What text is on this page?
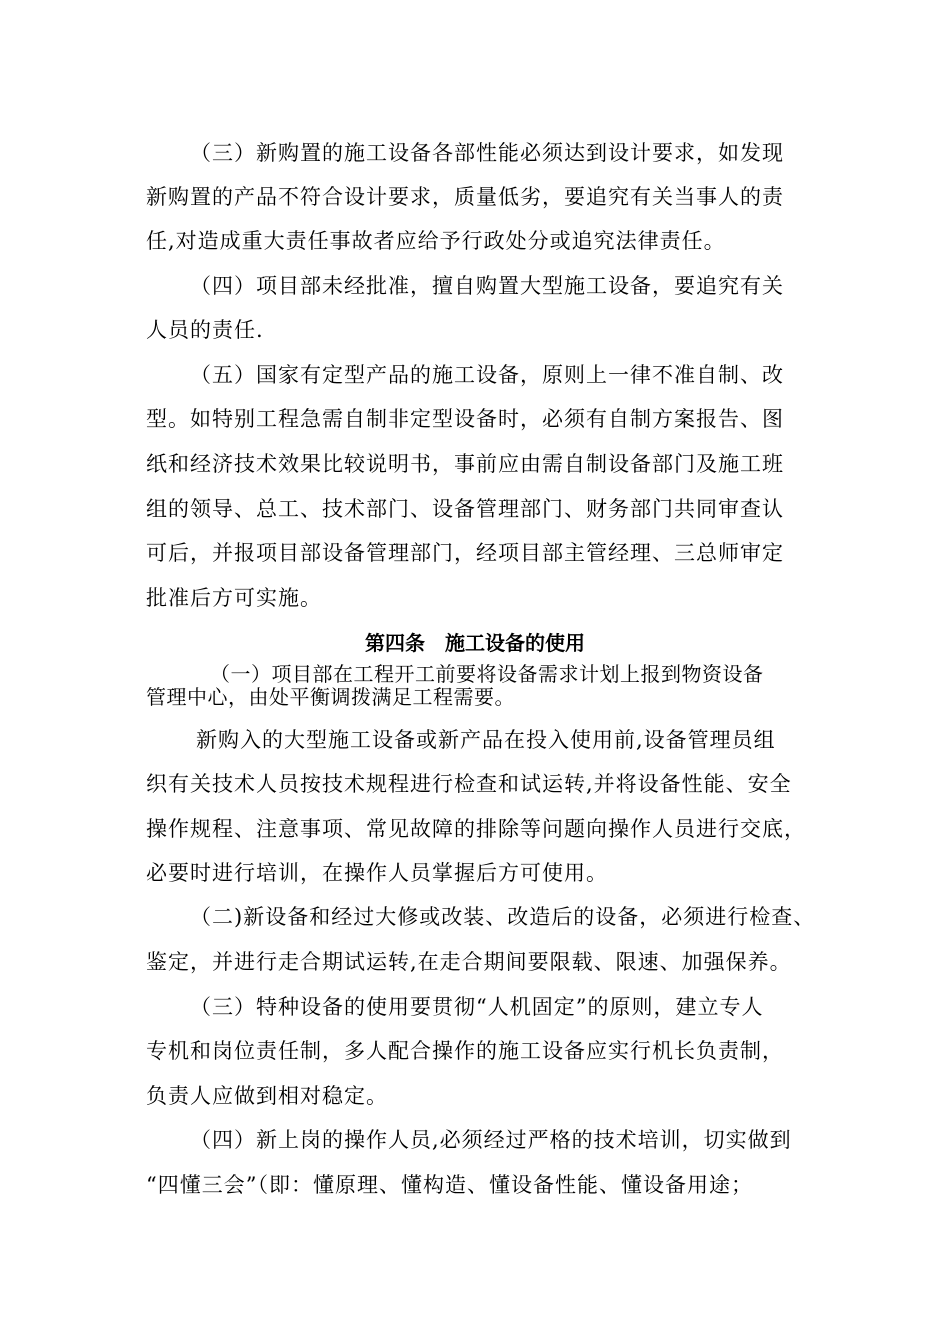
（三）新购置的施工设备各部性能必须达到设计要求，如发现
新购置的产品不符合设计要求，质量低劣，要追究有关当事人的责
任,对造成重大责任事故者应给予行政处分或追究法律责任。
（四）项目部未经批准，擅自购置大型施工设备，要追究有关
人员的责任.
（五）国家有定型产品的施工设备，原则上一律不准自制、改
型。如特别工程急需自制非定型设备时，必须有自制方案报告、图
纸和经济技术效果比较说明书，事前应由需自制设备部门及施工班
组的领导、总工、技术部门、设备管理部门、财务部门共同审查认
可后，并报项目部设备管理部门，经项目部主管经理、三总师审定
批准后方可实施。
第四条　施工设备的使用
（一）项目部在工程开工前要将设备需求计划上报到物资设备
管理中心，由处平衡调拨满足工程需要。
新购入的大型施工设备或新产品在投入使用前,设备管理员组
织有关技术人员按技术规程进行检查和试运转,并将设备性能、安全
操作规程、注意事项、常见故障的排除等问题向操作人员进行交底，
必要时进行培训，在操作人员掌握后方可使用。
（二)新设备和经过大修或改装、改造后的设备，必须进行检查、
鉴定，并进行走合期试运转,在走合期间要限载、限速、加强保养。
（三）特种设备的使用要贯彻“人机固定”的原则，建立专人
专机和岗位责任制，多人配合操作的施工设备应实行机长负责制，
负责人应做到相对稳定。
（四）新上岗的操作人员,必须经过严格的技术培训，切实做到
“四懂三会”（即：懂原理、懂构造、懂设备性能、懂设备用途；
